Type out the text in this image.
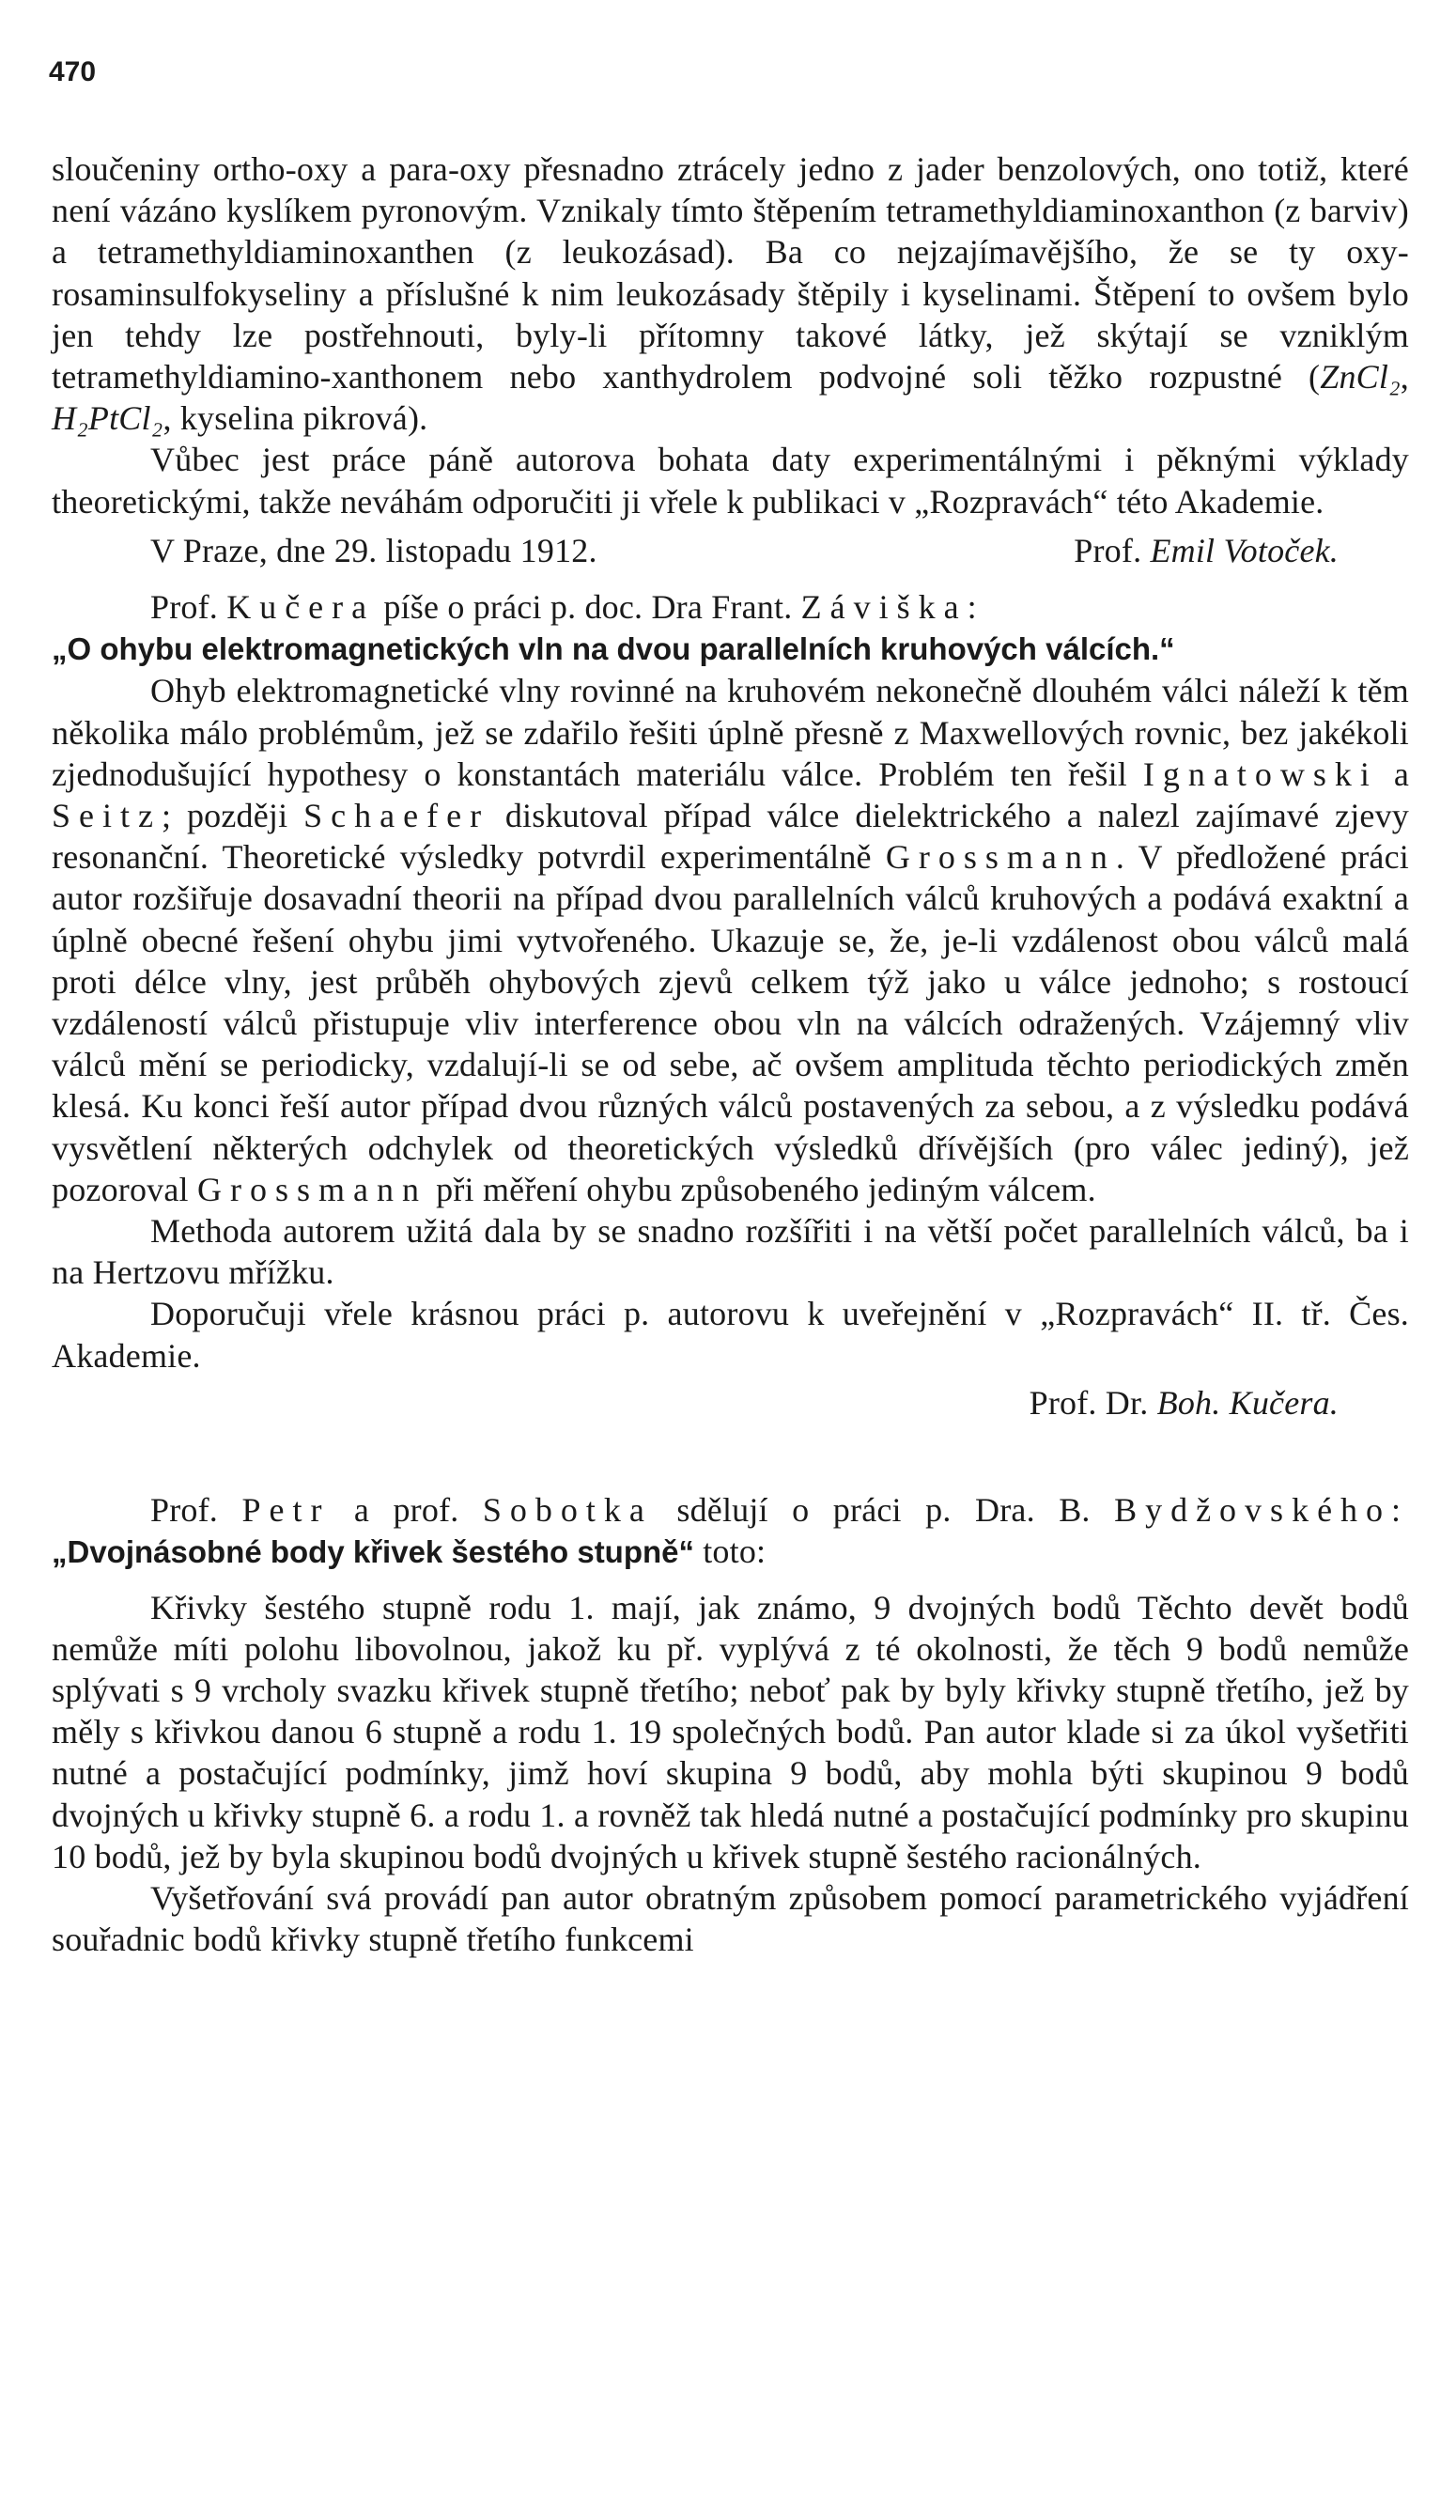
470

sloučeniny ortho-oxy a para-oxy přesnadno ztrácely jedno z jader benzolových, ono totiž, které není vázáno kyslíkem pyronovým. Vznikaly tímto štěpením tetramethyldiaminoxanthon (z barviv) a tetramethyldiaminoxanthen (z leukozásad). Ba co nejzajímavějšího, že se ty oxy-rosaminsulfokyseliny a příslušné k nim leukozásady štěpily i kyselinami. Štěpení to ovšem bylo jen tehdy lze postřehnouti, byly-li přítomny takové látky, jež skýtají se vzniklým tetramethyldiamino-xanthonem nebo xanthydrolem podvojné soli těžko rozpustné (ZnCl₂, H₂PtCl₂, kyselina pikrová).

Vůbec jest práce páně autorova bohata daty experimentálnými i pěknými výklady theoretickými, takže neváhám odporučiti ji vřele k publikaci v „Rozpravách“ této Akademie.

V Praze, dne 29. listopadu 1912.	Prof. Emil Votoček.

Prof. Kučera píše o práci p. doc. Dra Frant. Záviška:

„O ohybu elektromagnetických vln na dvou parallelních kruhových válcích.“

Ohyb elektromagnetické vlny rovinné na kruhovém nekonečně dlouhém válci náleží k těm několika málo problémům, jež se zdařilo řešiti úplně přesně z Maxwellových rovnic, bez jakékoli zjednodušující hypothesy o konstantách materiálu válce. Problém ten řešil Ignatowski a Seitz; později Schaefer diskutoval případ válce dielektrického a nalezl zajímavé zjevy resonanční. Theoretické výsledky potvrdil experimentálně Grossmann. V předložené práci autor rozšiřuje dosavadní theorii na případ dvou parallelních válců kruhových a podává exaktní a úplně obecné řešení ohybu jimi vytvořeného. Ukazuje se, že, je-li vzdálenost obou válců malá proti délce vlny, jest průběh ohybových zjevů celkem týž jako u válce jednoho; s rostoucí vzdáleností válců přistupuje vliv interference obou vln na válcích odražených. Vzájemný vliv válců mění se periodicky, vzdalují-li se od sebe, ač ovšem amplituda těchto periodických změn klesá. Ku konci řeší autor případ dvou různých válců postavených za sebou, a z výsledku podává vysvětlení některých odchylek od theoretických výsledků dřívějších (pro válec jediný), jež pozoroval Grossmann při měření ohybu způsobeného jediným válcem.

Methoda autorem užitá dala by se snadno rozšířiti i na větší počet parallelních válců, ba i na Hertzovu mřížku.

Doporučuji vřele krásnou práci p. autorovu k uveřejnění v „Rozpravách“ II. tř. Čes. Akademie.

Prof. Dr. Boh. Kučera.

Prof. Petr a prof. Sobotka sdělují o práci p. Dra. B. Bydžovského: „Dvojnásobné body křivek šestého stupně“ toto:

Křivky šestého stupně rodu 1. mají, jak známo, 9 dvojných bodů Těchto devět bodů nemůže míti polohu libovolnou, jakož ku př. vyplývá z té okolnosti, že těch 9 bodů nemůže splývati s 9 vrcholy svazku křivek stupně třetího; neboť pak by byly křivky stupně třetího, jež by měly s křivkou danou 6 stupně a rodu 1. 19 společných bodů. Pan autor klade si za úkol vyšetřiti nutné a postačující podmínky, jimž hoví skupina 9 bodů, aby mohla býti skupinou 9 bodů dvojných u křivky stupně 6. a rodu 1. a rovněž tak hledá nutné a postačující podmínky pro skupinu 10 bodů, jež by byla skupinou bodů dvojných u křivek stupně šestého racionálných.

Vyšetřování svá provádí pan autor obratným způsobem pomocí parametrického vyjádření souřadnic bodů křivky stupně třetího funkcemi
